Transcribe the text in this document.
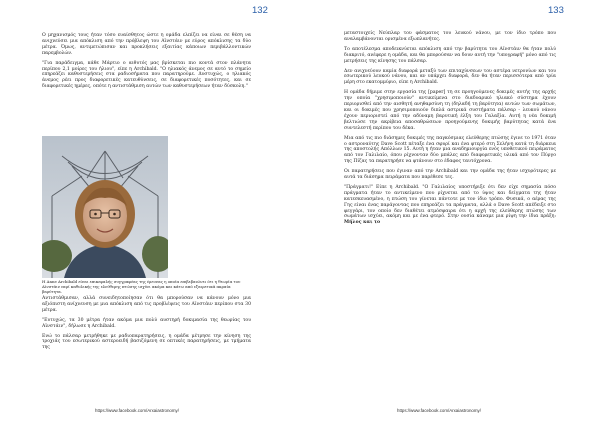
132

Ο μηχανισμός τους ήταν τόσο ευαίσθητος ώστε η ομάδα ελπίζει να είναι σε θέση να ανιχνεύσει μια απόκλιση από την πρόβλεψη του Αϊνστάιν με εύρος απόκλισης τα δύο μέτρα. Όμως, αντιμετώπισαν και προκλήσεις εξαιτίας κάποιων περιβάλλοντικών παρεμβολών.

"Για παράδειγμα, κάθε Μάρτιο ο αιθυτός μας βρίσκεται πιο κοντά στον πλάνητα περίπου 2,1 μοίρες του ήλιου", είπε η Archibald. "Ο ηλιακός άνεμος σε αυτό το σημείο επηρεάζει καθυστερήσεις στα ραδιοσήματα που παρατηρούμε. Δυστυχώς, ο ηλιακός άνεμος ρέει προς διαφορετικές κατευθύνσεις, σε διαφορετικές ποσότητες, και σε διαφορετικές ημέρες, οπότε η αντιστάθμιση αυτών των καθυστερήσεων ήταν δύσκολη."

Η Anne Archibald είναι επικεφαλής συγγραφέας της έρευνας η οποία επιβεβαιώνει ότι η θεωρία του Αϊνστάιν περί καθολικής της ελεύθερης πτώσης ισχύει ακόμα και κάτω από εξαιρετικά ακραία βαρύτητα.

Αντιστάθμισαν, αλλά συνειδητοποίησαν ότι θα μπορούσαν να κάνουν μόνο μια αξιόπιστη ανίχνευση με μια απόκλιση από τις προβλέψεις του Αϊνστάιν περίπου στα 30 μέτρα.

"Ευτυχώς, τα 30 μέτρα ήταν ακόμα μια πολύ αυστηρή δοκιμασία της θεωρίας του Αϊνστάιν", δήλωσε η Archibald.

Ενώ το πάλσαρ μετρήθηκε με ραδιοπαρατηρήσεις, η ομάδα μέτρησε την κίνηση της τροχιάς του εσωτερικού αστεροειδή βασιζόμενη σε οπτικές παρατηρήσεις, με τμήματα της

https://www.facebook.com/Arxaiastronomy/
133

μεταστοιχείς Νεύπλαρ του φάσματος του λευκού νάνου, με τον ίδιο τρόπο που αναλαμβάνονται ορισμένα εξωπλανήτες.

Το αποτέλεσμα αποδεικνύεται απόκλιση από την βαρύτητα του Αϊνστάιν θα ήταν πολύ διακριτό, ανέφερε η ομάδα, και θα μπορούσαν να δουν αυτή την "υπογραφή" μόνο από τις μετρήσεις της κίνησης του πάλσαρ.

Δεν ανιχνεύουν καμία διαφορά μεταξύ των επιταχύνσεων του αστέρα νετρονίων και του εσωτερικού λευκού νάνου, και αν υπάρχει διαφορά, δεν θα ήταν περισσότερα από τρία μέρη στο εκατομμύριο, είπε η Archibald.

Η ομάδα δήμιμε στην εργασία της [paper] τη σε προηγούμενες δοκιμές αυτής της αρχής την οποία "χρησιμοποιούν" αντικείμενα στο διαδυαρικό ηλιακό σύστημα έχουν περιορισθεί από την αισθητή ανηθαρσύνη τη (δηλαδή τη βαρύτητα) αυτών των σωμάτων, και οι δοκιμές που χρησιμοποιούν διπλά αστρικά συστήματα πάλσαρ - λευκού νάνου έχουν περιοριστεί από την αδύναμη βαρυτική έλξη του Γαλαξία. Αυτή η νέα δοκιμή βελτιώσε την ακρίβεια αποσαθρώσεων προηγούμενης δοκιμής βαρύτητας κατά ένα συντελεστή περίπου του δέκα.

Μια από τις πιο διάσημες δοκιμές της παγκόσμιας ελεύθερης πτώσης έγινε το 1971 όταν ο αστροναύτης Dave Scott πέταξε ένα σφυρί και ένα φτερό στη Σελήνη κατά τη διάρκεια της αποστολής Απόλλων 15. Αυτή η ήταν μια αναδημιουργία ενός υποθετικού πειράματος από τον Γαλιλαίο, όπου ρίχνονταν δύο μπάλες από διαφορετικές υλικά από τον Πύργο της Πίζας τα παρατηρήσε να φτάνουν στο έδαφος ταυτόχρονα.

Οι παρατηρήσεις που έγιναν από την Archibald και την ομάδα της ήταν ισχυρότερες με αυτά τα διάσημα πειράματα που παρέθεσε τες.

"Πράγματι!" Είπε η Archibald. "Ο Γαλιλαίος υποστήριξε ότι δεν είχε σημασία πόσο πράγματα ήταν το αντικείμενο που ρίχνεται από το ύψος και δείγματα της ήταν κατεσκευασμένο, η πτώση του γίνεται πάντοτε με τον ίδιο τρόπο. Φυσικά, ο αέρας της Γης είναι ένας παράγοντας που επηρεάζει τα πράγματα, αλλά ο Dave Scott απέδειξε στο φεγγάρι, τον οποίο δεν διαθέτει ατμόσφαιρα ότι η αρχή της ελεύθερης πτώσης των σωμάτων ισχύει, ακόμη και με ένα φτερό. Στην ουσία κάναμε μια ρίψη την ίδια πράξη: Μήλος και το

https://www.facebook.com/Arxaiastronomy/
